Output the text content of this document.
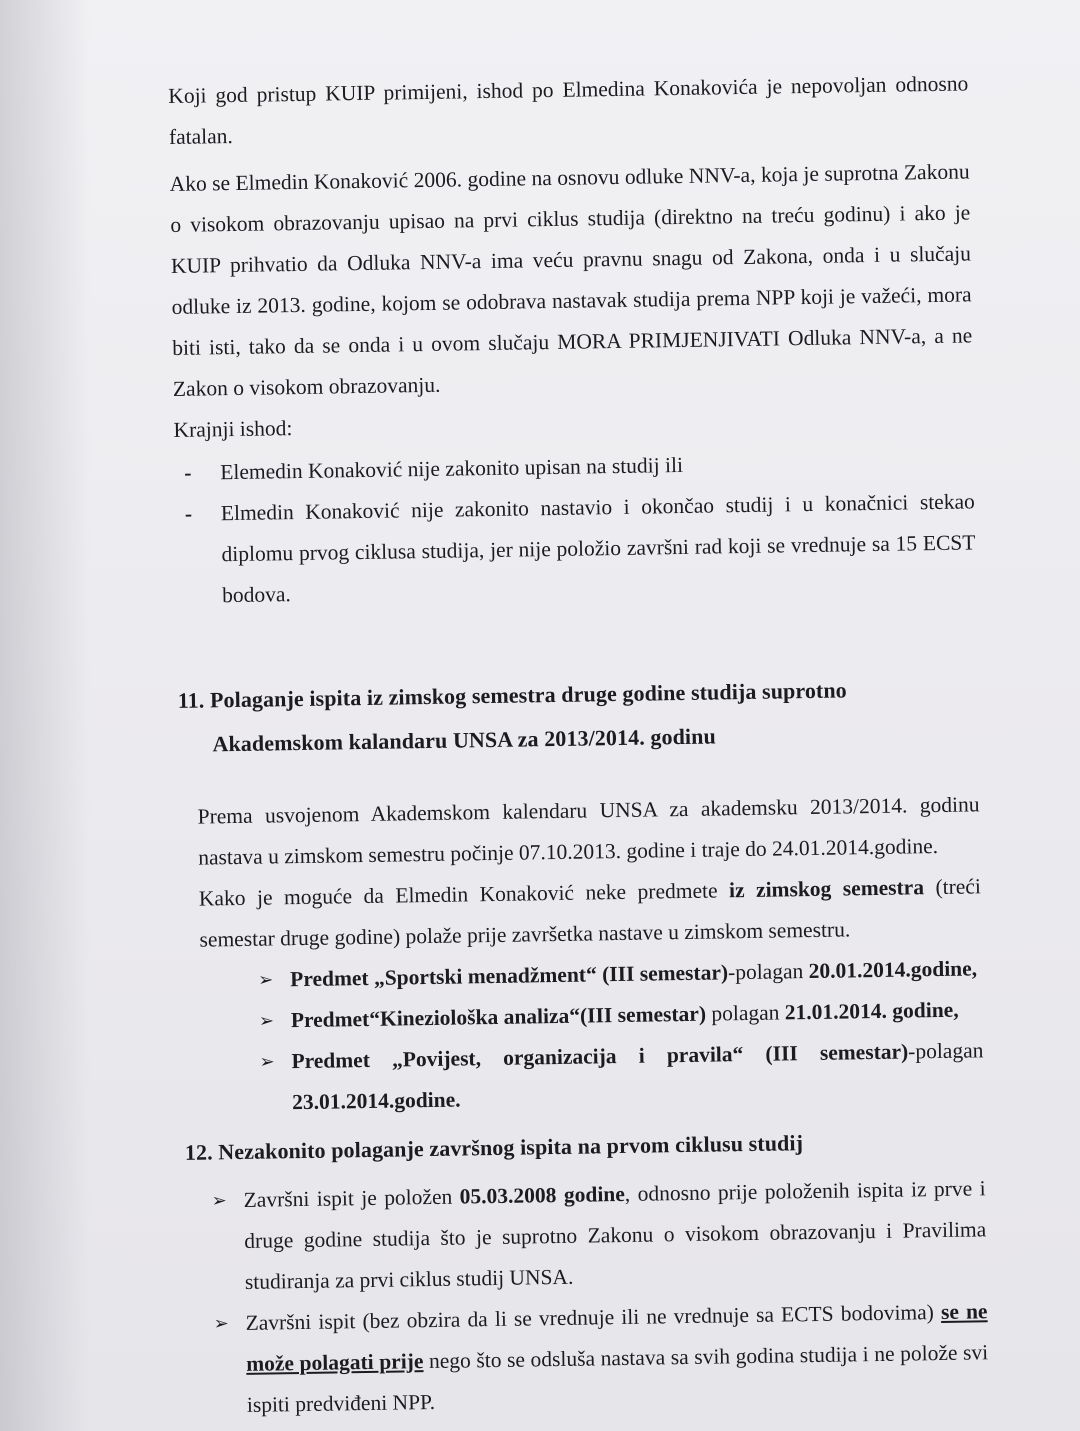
Koji god pristup KUIP primijeni, ishod po Elmedina Konakovića je nepovoljan odnosno fatalan.

Ako se Elmedin Konaković 2006. godine na osnovu odluke NNV-a, koja je suprotna Zakonu o visokom obrazovanju upisao na prvi ciklus studija (direktno na treću godinu) i ako je KUIP prihvatio da Odluka NNV-a ima veću pravnu snagu od Zakona, onda i u slučaju odluke iz 2013. godine, kojom se odobrava nastavak studija prema NPP koji je važeći, mora biti isti, tako da se onda i u ovom slučaju MORA PRIMJENJIVATI Odluka NNV-a, a ne Zakon o visokom obrazovanju.

Krajnji ishod:

- Elemedin Konaković nije zakonito upisan na studij ili
- Elmedin Konaković nije zakonito nastavio i okončao studij i u konačnici stekao diplomu prvog ciklusa studija, jer nije položio završni rad koji se vrednuje sa 15 ECST bodova.
11. Polaganje ispita iz zimskog semestra druge godine studija suprotno Akademskom kalandaru UNSA za 2013/2014. godinu

Prema usvojenom Akademskom kalendaru UNSA za akademsku 2013/2014. godinu nastava u zimskom semestru počinje 07.10.2013. godine i traje do 24.01.2014.godine.

Kako je moguće da Elmedin Konaković neke predmete iz zimskog semestra (treći semestar druge godine) polaže prije završetka nastave u zimskom semestru.

➢ Predmet „Sportski menadžment“ (III semestar)-polagan 20.01.2014.godine,
➢ Predmet“Kineziološka analiza“(III semestar) polagan 21.01.2014. godine,
➢ Predmet „Povijest, organizacija i pravila“ (III semestar)-polagan 23.01.2014.godine.
12. Nezakonito polaganje završnog ispita na prvom ciklusu studij
➢ Završni ispit je položen 05.03.2008 godine, odnosno prije položenih ispita iz prve i druge godine studija što je suprotno Zakonu o visokom obrazovanju i Pravilima studiranja za prvi ciklus studij UNSA.
➢ Završni ispit (bez obzira da li se vrednuje ili ne vrednuje sa ECTS bodovima) se ne može polagati prije nego što se odsluša nastava sa svih godina studija i ne polože svi ispiti predviđeni NPP.
